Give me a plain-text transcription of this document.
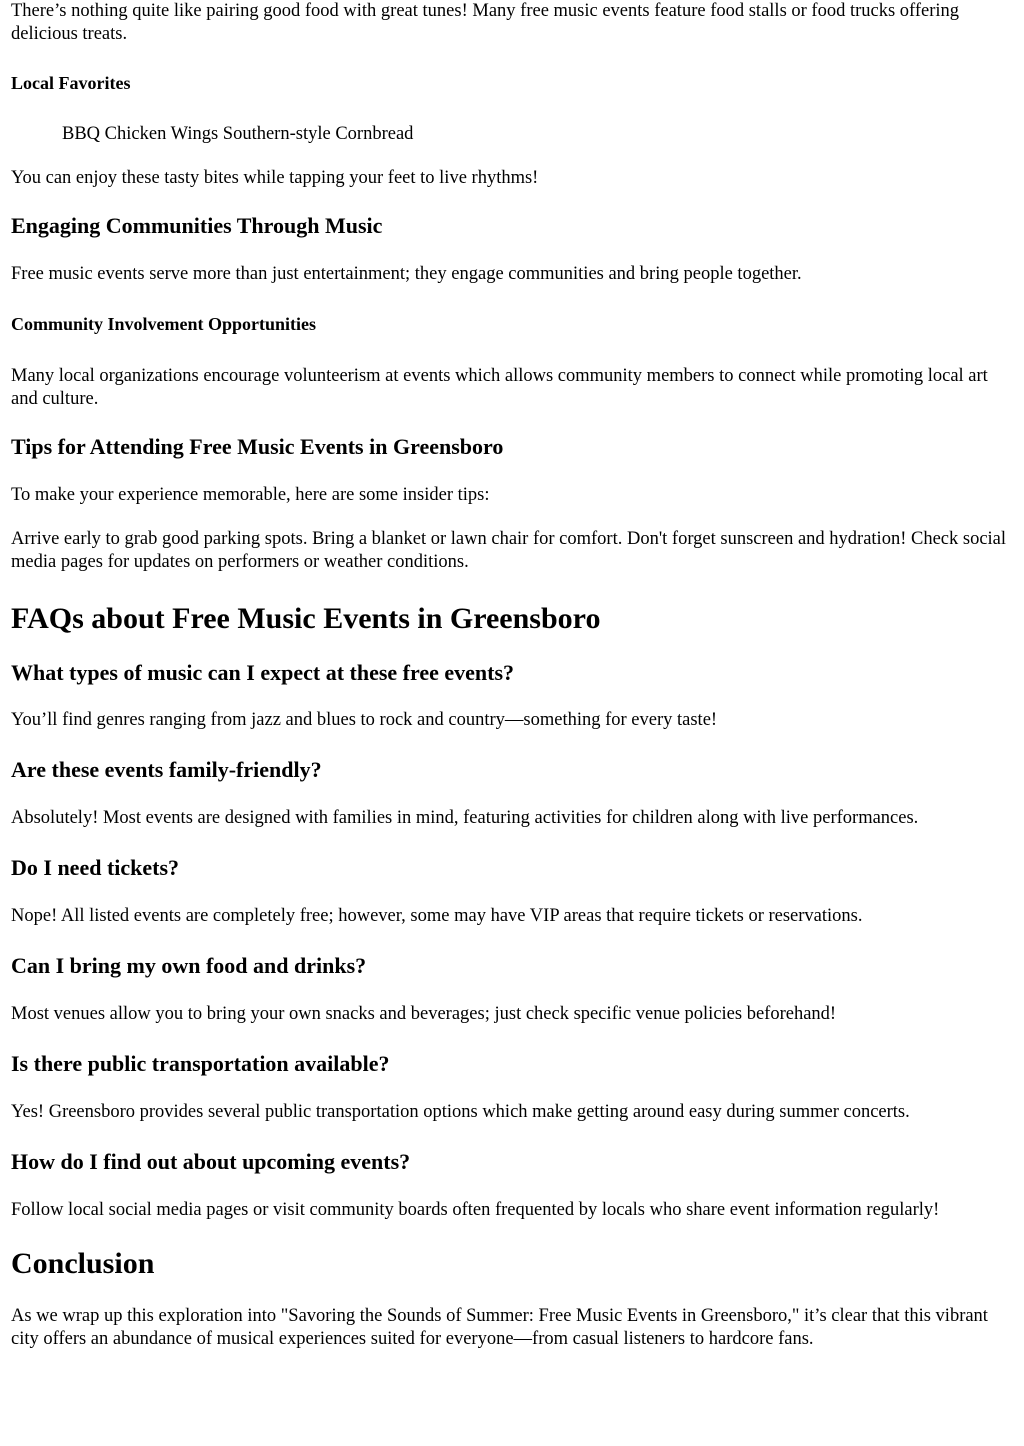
There’s nothing quite like pairing good food with great tunes! Many free music events feature food stalls or food trucks offering delicious treats.

Local Favorites

BBQ Chicken Wings Southern-style Cornbread

You can enjoy these tasty bites while tapping your feet to live rhythms!

Engaging Communities Through Music

Free music events serve more than just entertainment; they engage communities and bring people together.

Community Involvement Opportunities

Many local organizations encourage volunteerism at events which allows community members to connect while promoting local art and culture.

Tips for Attending Free Music Events in Greensboro

To make your experience memorable, here are some insider tips:

Arrive early to grab good parking spots. Bring a blanket or lawn chair for comfort. Don't forget sunscreen and hydration! Check social media pages for updates on performers or weather conditions.

FAQs about Free Music Events in Greensboro
What types of music can I expect at these free events?

You’ll find genres ranging from jazz and blues to rock and country—something for every taste!

Are these events family-friendly?

Absolutely! Most events are designed with families in mind, featuring activities for children along with live performances.

Do I need tickets?

Nope! All listed events are completely free; however, some may have VIP areas that require tickets or reservations.

Can I bring my own food and drinks?

Most venues allow you to bring your own snacks and beverages; just check specific venue policies beforehand!

Is there public transportation available?

Yes! Greensboro provides several public transportation options which make getting around easy during summer concerts.

How do I find out about upcoming events?

Follow local social media pages or visit community boards often frequented by locals who share event information regularly!

Conclusion

As we wrap up this exploration into "Savoring the Sounds of Summer: Free Music Events in Greensboro," it’s clear that this vibrant city offers an abundance of musical experiences suited for everyone—from casual listeners to hardcore fans.
